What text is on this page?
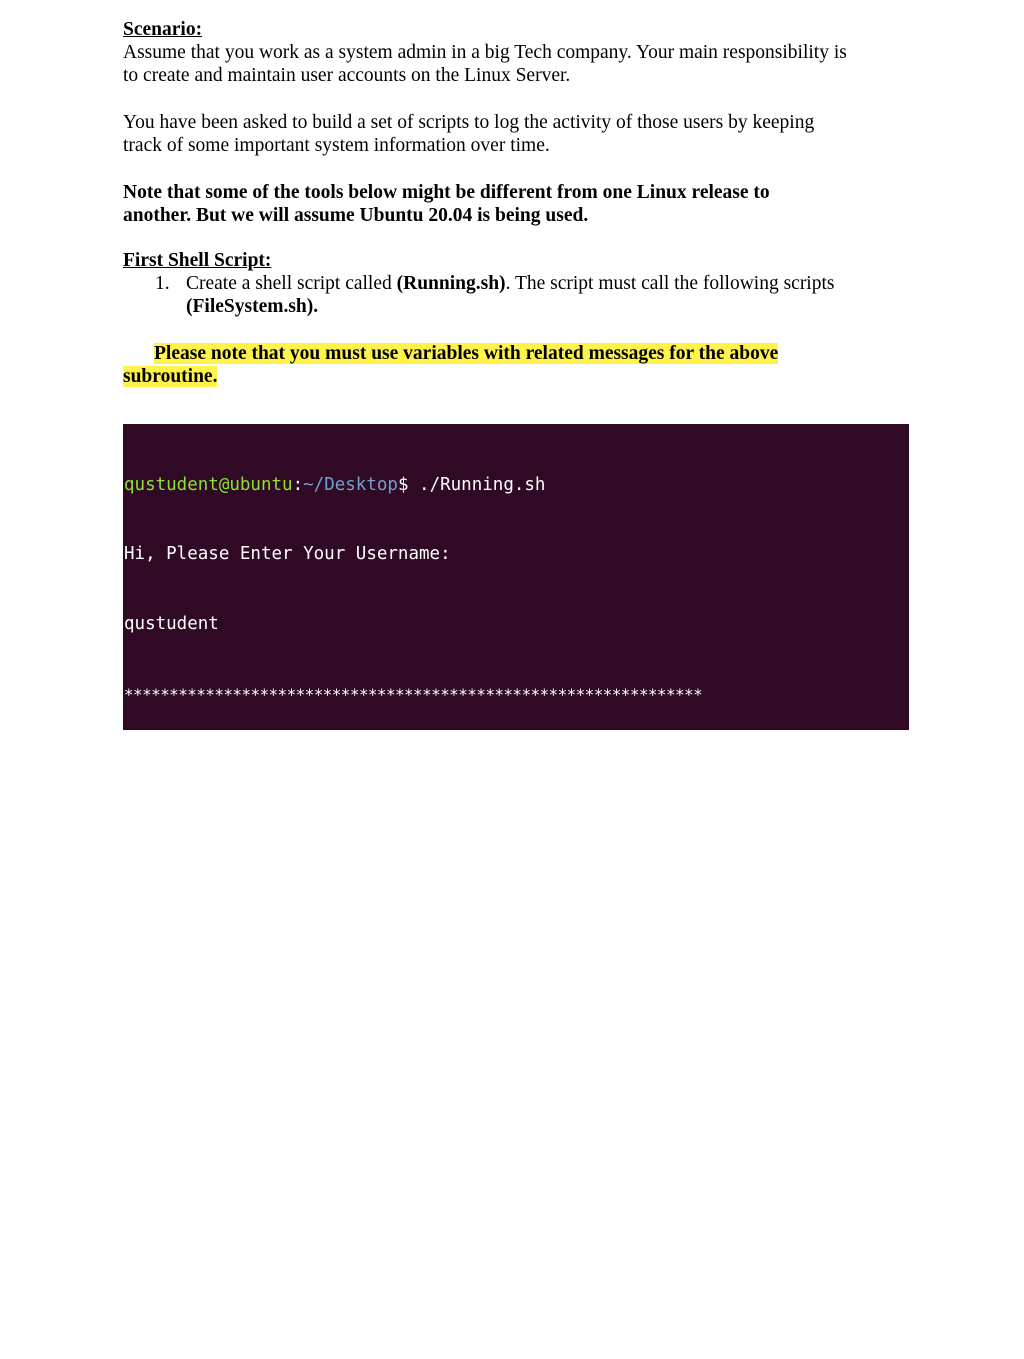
Scenario:

Assume that you work as a system admin in a big Tech company. Your main responsibility is

to create and maintain user accounts on the Linux Server.

You have been asked to build a set of scripts to log the activity of those users by keeping

track of some important system information over time.

Note that some of the tools below might be different from one Linux release to

another. But we will assume Ubuntu 20.04 is being used.

First Shell Script:
1. Create a shell script called (Running.sh). The script must call the following scripts
(FileSystem.sh).
Please note that you must use variables with related messages for the above
subroutine.

qustudent@ubuntu:~/Desktop$ ./Running.sh

Hi, Please Enter Your Username:

qustudent

****************************************************************

Welcome qustudent!

It's time to code again, DATE: 01/27/22, TIME: 12:52:17

Redirecting to user HOME directory ...

The current working path is: /home/qustudent

The current shell is: /bin/bash

The Purpose of this script is to ....

****************************************************************
